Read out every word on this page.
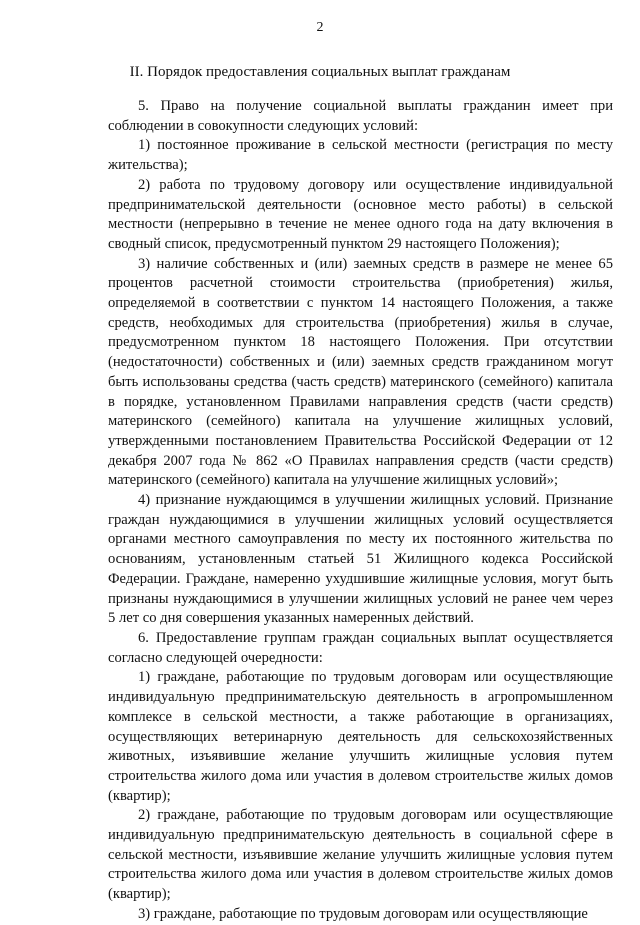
2
II. Порядок предоставления социальных выплат гражданам

5. Право на получение социальной выплаты гражданин имеет при соблюдении в совокупности следующих условий:

1) постоянное проживание в сельской местности (регистрация по месту жительства);

2) работа по трудовому договору или осуществление индивидуальной предпринимательской деятельности (основное место работы) в сельской местности (непрерывно в течение не менее одного года на дату включения в сводный список, предусмотренный пунктом 29 настоящего Положения);

3) наличие собственных и (или) заемных средств в размере не менее 65 процентов расчетной стоимости строительства (приобретения) жилья, определяемой в соответствии с пунктом 14 настоящего Положения, а также средств, необходимых для строительства (приобретения) жилья в случае, предусмотренном пунктом 18 настоящего Положения. При отсутствии (недостаточности) собственных и (или) заемных средств гражданином могут быть использованы средства (часть средств) материнского (семейного) капитала в порядке, установленном Правилами направления средств (части средств) материнского (семейного) капитала на улучшение жилищных условий, утвержденными постановлением Правительства Российской Федерации от 12 декабря 2007 года № 862 «О Правилах направления средств (части средств) материнского (семейного) капитала на улучшение жилищных условий»;

4) признание нуждающимся в улучшении жилищных условий. Признание граждан нуждающимися в улучшении жилищных условий осуществляется органами местного самоуправления по месту их постоянного жительства по основаниям, установленным статьей 51 Жилищного кодекса Российской Федерации. Граждане, намеренно ухудшившие жилищные условия, могут быть признаны нуждающимися в улучшении жилищных условий не ранее чем через 5 лет со дня совершения указанных намеренных действий.

6. Предоставление группам граждан социальных выплат осуществляется согласно следующей очередности:

1) граждане, работающие по трудовым договорам или осуществляющие индивидуальную предпринимательскую деятельность в агропромышленном комплексе в сельской местности, а также работающие в организациях, осуществляющих ветеринарную деятельность для сельскохозяйственных животных, изъявившие желание улучшить жилищные условия путем строительства жилого дома или участия в долевом строительстве жилых домов (квартир);

2) граждане, работающие по трудовым договорам или осуществляющие индивидуальную предпринимательскую деятельность в социальной сфере в сельской местности, изъявившие желание улучшить жилищные условия путем строительства жилого дома или участия в долевом строительстве жилых домов (квартир);

3) граждане, работающие по трудовым договорам или осуществляющие
